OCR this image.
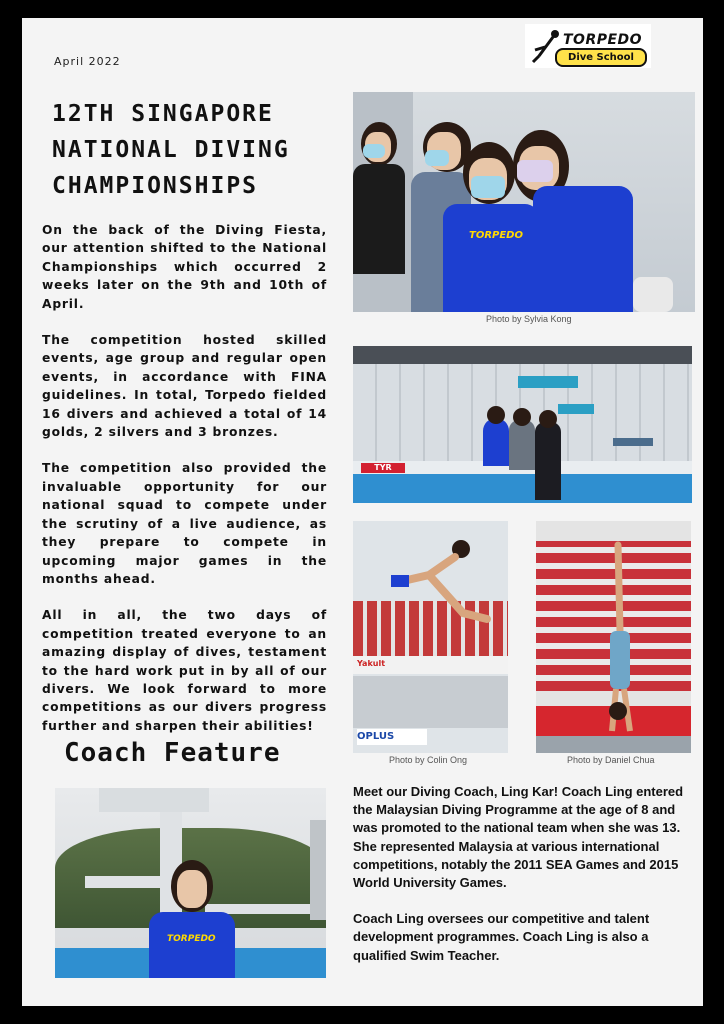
April 2022
TORPEDO
Dive School
12TH SINGAPORE NATIONAL DIVING CHAMPIONSHIPS

On the back of the Diving Fiesta, our attention shifted to the National Championships which occurred 2 weeks later on the 9th and 10th of April.

The competition hosted skilled events, age group and regular open events, in accordance with FINA guidelines. In total, Torpedo fielded 16 divers and achieved a total of 14 golds, 2 silvers and 3 bronzes.

The competition also provided the invaluable opportunity for our national squad to compete under the scrutiny of a live audience, as they prepare to compete in upcoming major games in the months ahead.

All in all, the two days of competition treated everyone to an amazing display of dives, testament to the hard work put in by all of our divers. We look forward to more competitions as our divers progress further and sharpen their abilities!

TORPEDO
Photo by Sylvia Kong
TYR
Yakult
OPLUS
Photo by Colin Ong	Photo by Daniel Chua
Coach Feature
TORPEDO

Meet our Diving Coach, Ling Kar! Coach Ling entered the Malaysian Diving Programme at the age of 8 and was promoted to the national team when she was 13. She represented Malaysia at various international competitions, notably the 2011 SEA Games and 2015 World University Games.

Coach Ling oversees our competitive and talent development programmes. Coach Ling is also a qualified Swim Teacher.
